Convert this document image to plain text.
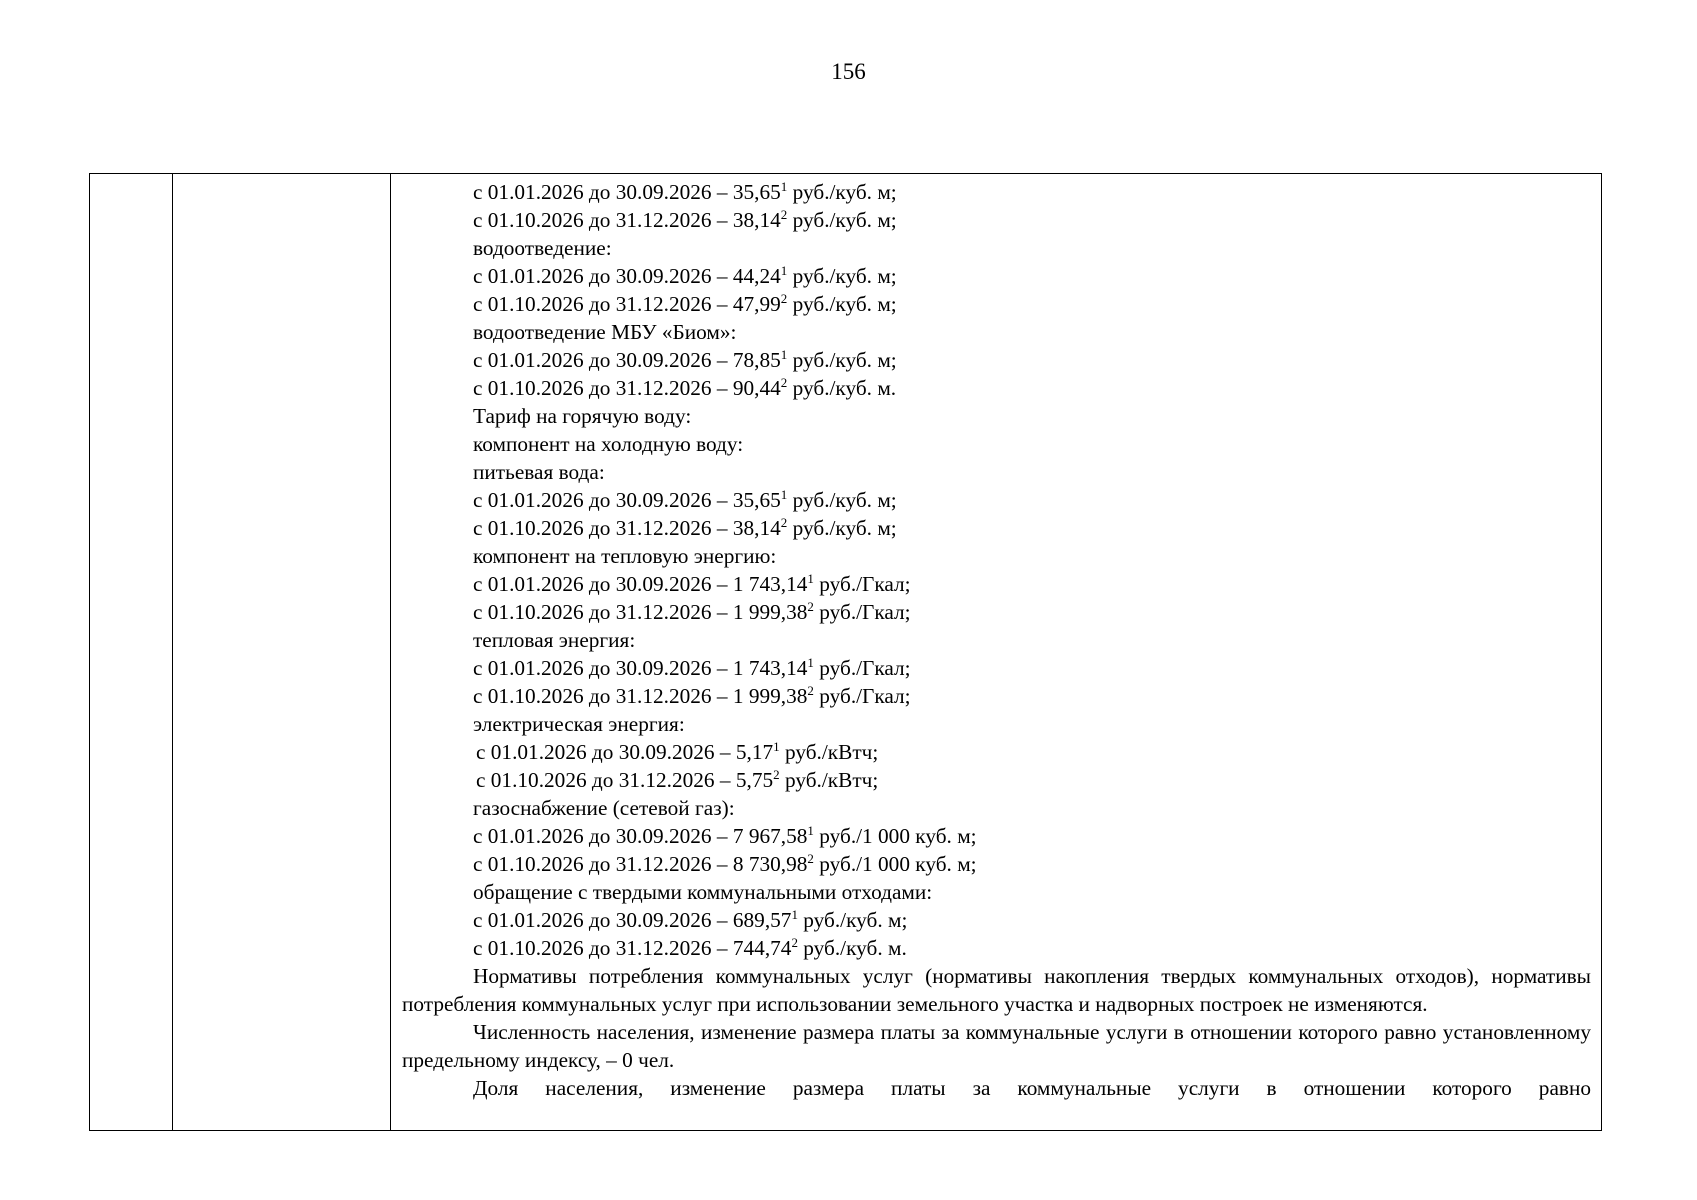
156
с 01.01.2026 до 30.09.2026 – 35,65$^1$ руб./куб. м;
с 01.10.2026 до 31.12.2026 – 38,14$^2$ руб./куб. м;
водоотведение:
с 01.01.2026 до 30.09.2026 – 44,24$^1$ руб./куб. м;
с 01.10.2026 до 31.12.2026 – 47,99$^2$ руб./куб. м;
водоотведение МБУ «Биом»:
с 01.01.2026 до 30.09.2026 – 78,85$^1$ руб./куб. м;
с 01.10.2026 до 31.12.2026 – 90,44$^2$ руб./куб. м.
Тариф на горячую воду:
компонент на холодную воду:
питьевая вода:
с 01.01.2026 до 30.09.2026 – 35,65$^1$ руб./куб. м;
с 01.10.2026 до 31.12.2026 – 38,14$^2$ руб./куб. м;
компонент на тепловую энергию:
с 01.01.2026 до 30.09.2026 – 1 743,14$^1$ руб./Гкал;
с 01.10.2026 до 31.12.2026 – 1 999,38$^2$ руб./Гкал;
тепловая энергия:
с 01.01.2026 до 30.09.2026 – 1 743,14$^1$ руб./Гкал;
с 01.10.2026 до 31.12.2026 – 1 999,38$^2$ руб./Гкал;
электрическая энергия:
с 01.01.2026 до 30.09.2026 – 5,17$^1$ руб./кВтч;
с 01.10.2026 до 31.12.2026 – 5,75$^2$ руб./кВтч;
газоснабжение (сетевой газ):
с 01.01.2026 до 30.09.2026 – 7 967,58$^1$ руб./1 000 куб. м;
с 01.10.2026 до 31.12.2026 – 8 730,98$^2$ руб./1 000 куб. м;
обращение с твердыми коммунальными отходами:
с 01.01.2026 до 30.09.2026 – 689,57$^1$ руб./куб. м;
с 01.10.2026 до 31.12.2026 – 744,74$^2$ руб./куб. м.
Нормативы потребления коммунальных услуг (нормативы накопления твердых коммунальных отходов), нормативы потребления коммунальных услуг при использовании земельного участка и надворных построек не изменяются.
Численность населения, изменение размера платы за коммунальные услуги в отношении которого равно установленному предельному индексу, – 0 чел.
Доля населения, изменение размера платы за коммунальные услуги в отношении которого равно
